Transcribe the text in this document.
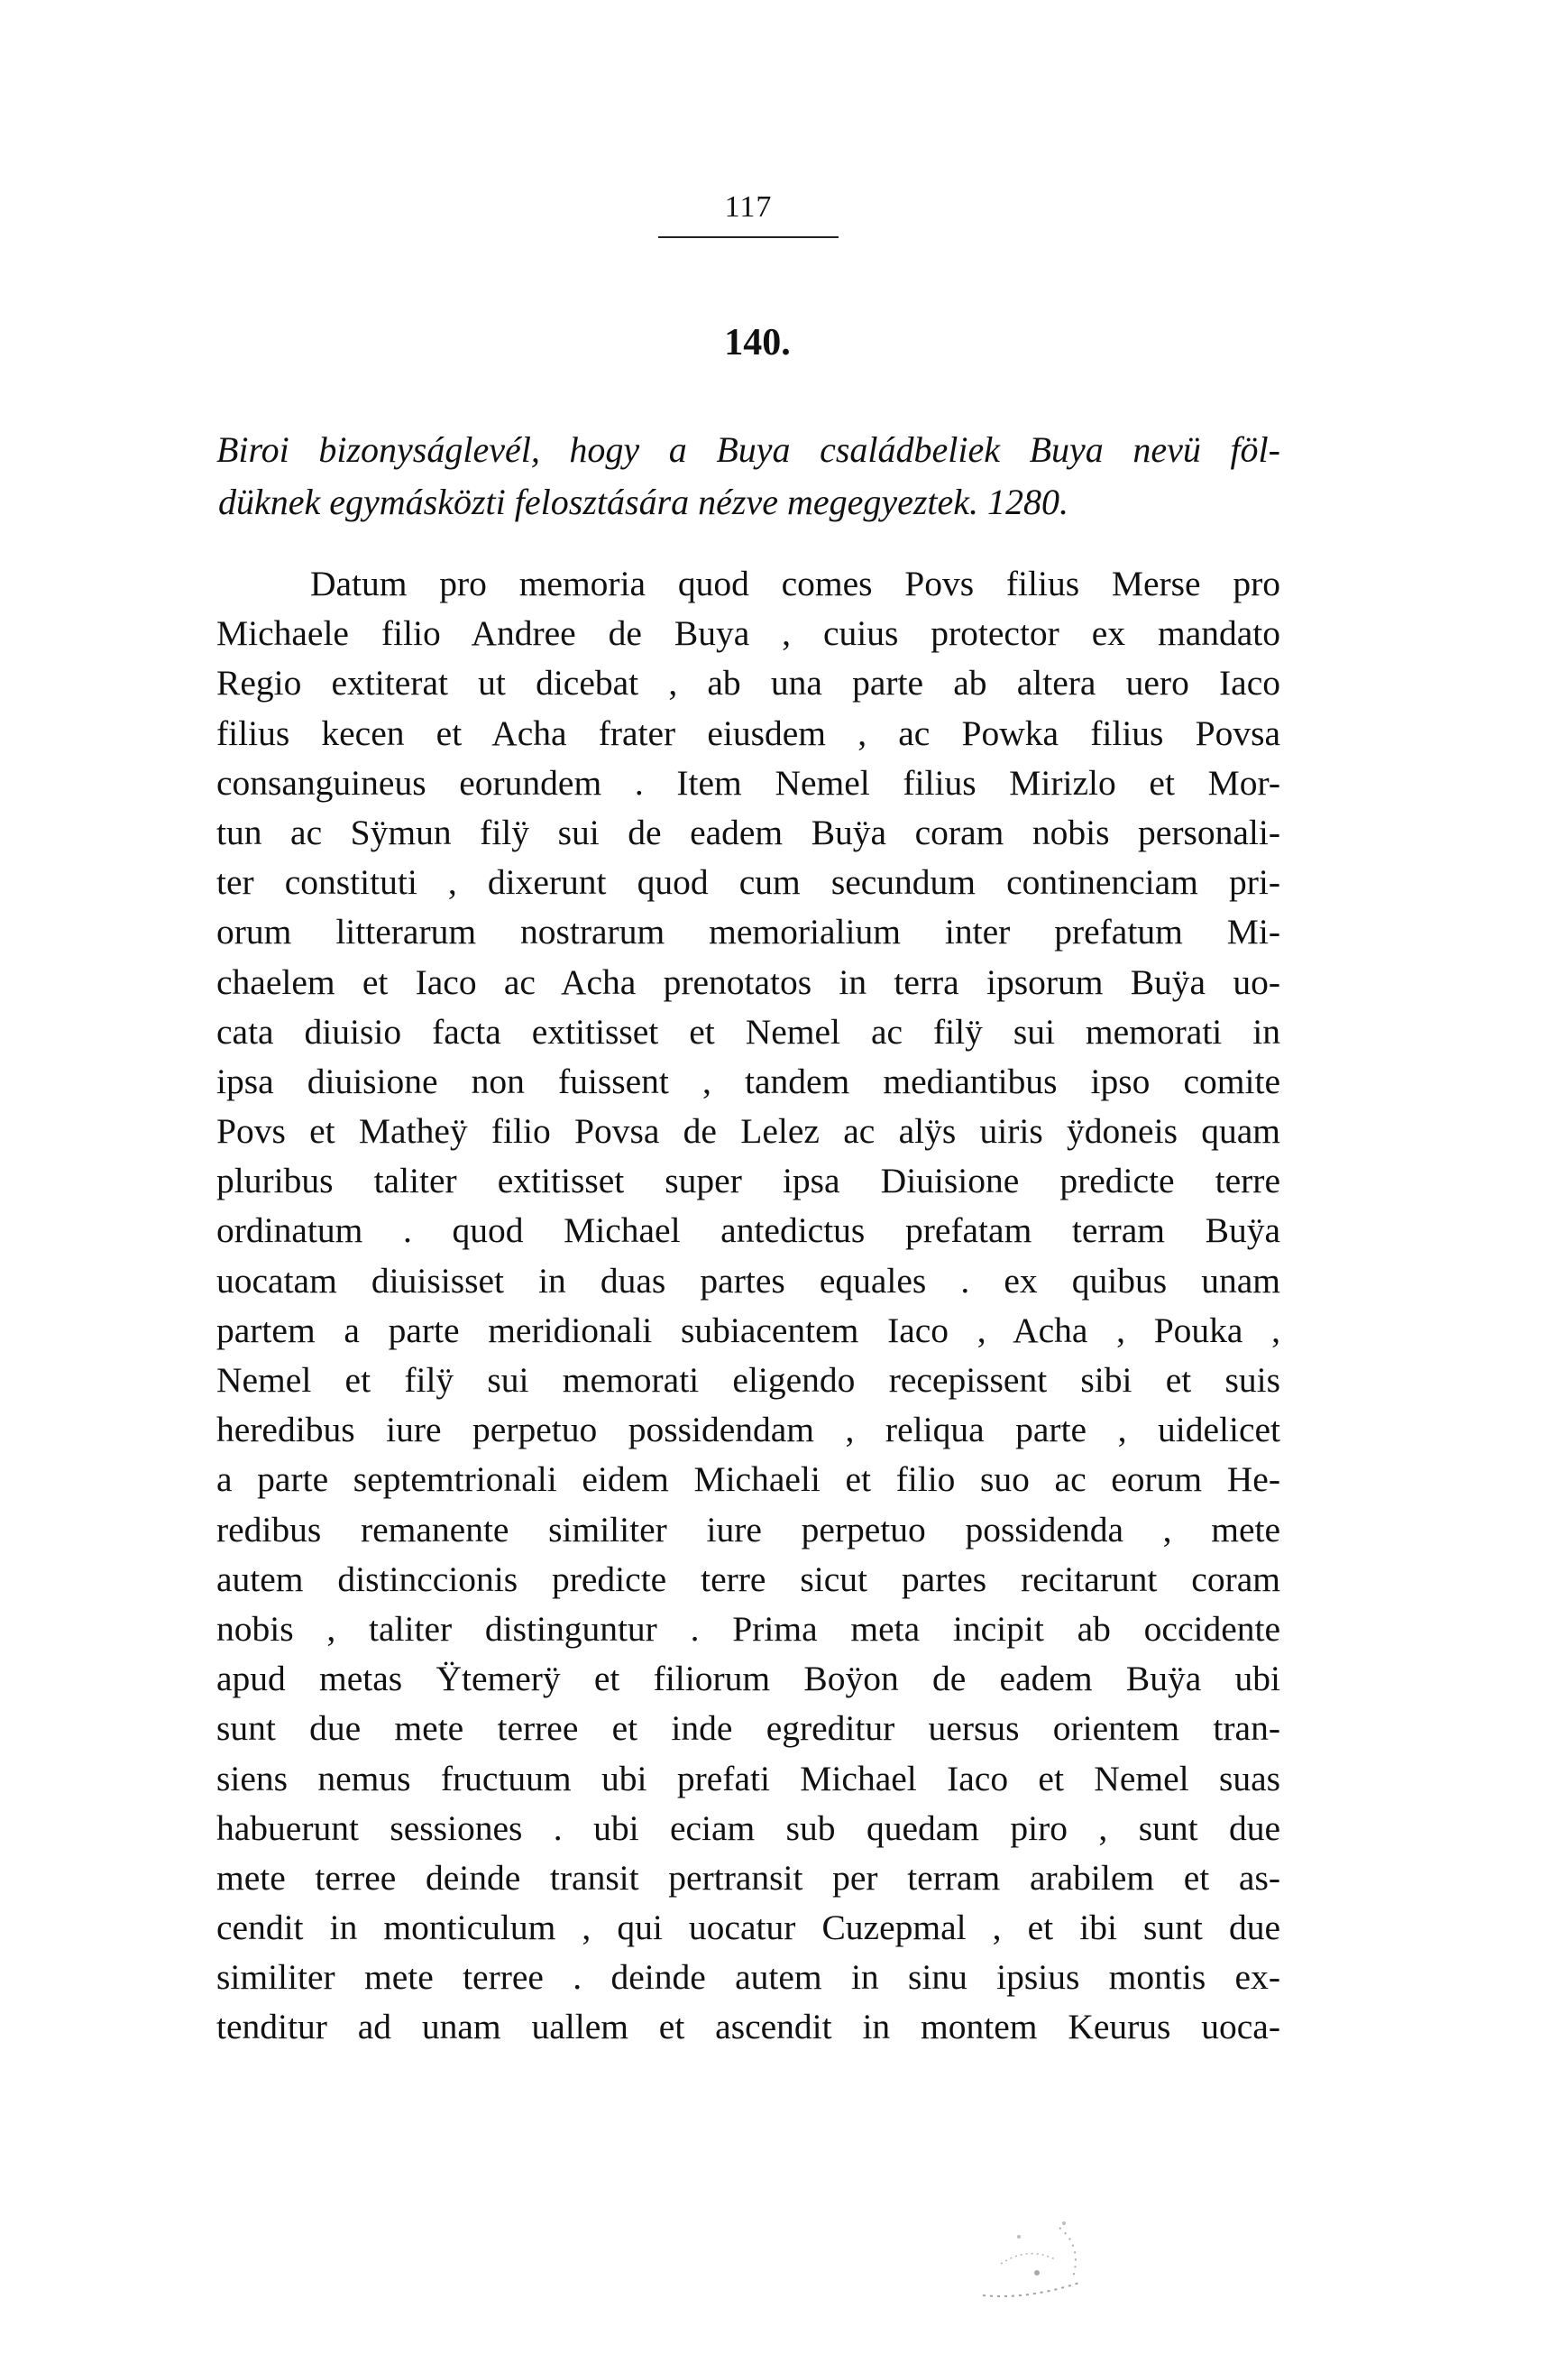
117
140.
Biroi bizonyságlevél, hogy a Buya családbeliek Buya nevü föl-
düknek egymásközti felosztására nézve megegyeztek. 1280.
Datum pro memoria quod comes Povs filius Merse pro
Michaele filio Andree de Buya , cuius protector ex mandato
Regio extiterat ut dicebat , ab una parte ab altera uero Iaco
filius kecen et Acha frater eiusdem , ac Powka filius Povsa
consanguineus eorundem . Item Nemel filius Mirizlo et Mor-
tun ac Sÿmun filÿ sui de eadem Buÿa coram nobis personali-
ter constituti , dixerunt quod cum secundum continenciam pri-
orum litterarum nostrarum memorialium inter prefatum Mi-
chaelem et Iaco ac Acha prenotatos in terra ipsorum Buÿa uo-
cata diuisio facta extitisset et Nemel ac filÿ sui memorati in
ipsa diuisione non fuissent , tandem mediantibus ipso comite
Povs et Matheÿ filio Povsa de Lelez ac alÿs uiris ÿdoneis quam
pluribus taliter extitisset super ipsa Diuisione predicte terre
ordinatum . quod Michael antedictus prefatam terram Buÿa
uocatam diuisisset in duas partes equales . ex quibus unam
partem a parte meridionali subiacentem Iaco , Acha , Pouka ,
Nemel et filÿ sui memorati eligendo recepissent sibi et suis
heredibus iure perpetuo possidendam , reliqua parte , uidelicet
a parte septemtrionali eidem Michaeli et filio suo ac eorum He-
redibus remanente similiter iure perpetuo possidenda , mete
autem distinccionis predicte terre sicut partes recitarunt coram
nobis , taliter distinguntur . Prima meta incipit ab occidente
apud metas Ÿtemerÿ et filiorum Boÿon de eadem Buÿa ubi
sunt due mete terree et inde egreditur uersus orientem tran-
siens nemus fructuum ubi prefati Michael Iaco et Nemel suas
habuerunt sessiones . ubi eciam sub quedam piro , sunt due
mete terree deinde transit pertransit per terram arabilem et as-
cendit in monticulum , qui uocatur Cuzepmal , et ibi sunt due
similiter mete terree . deinde autem in sinu ipsius montis ex-
tenditur ad unam uallem et ascendit in montem Keurus uoca-
